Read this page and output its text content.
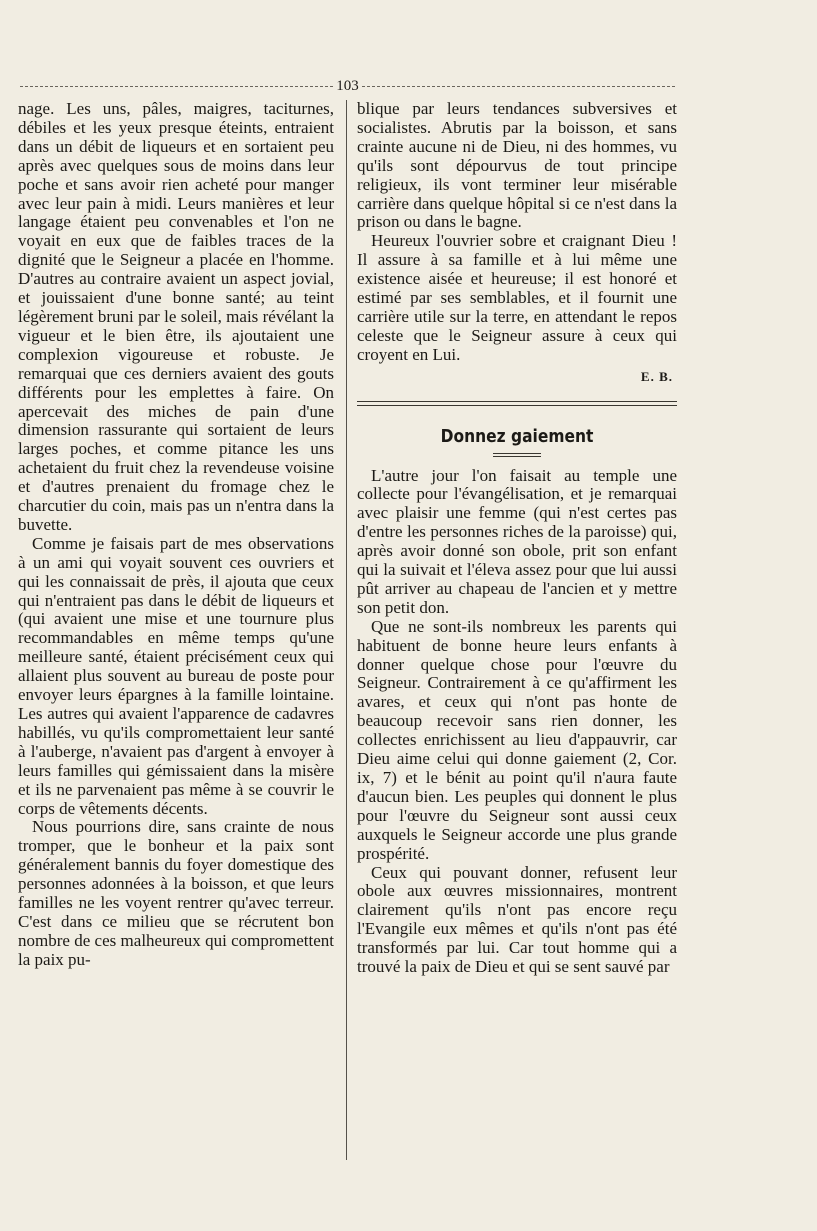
103

nage. Les uns, pâles, maigres, taciturnes, débiles et les yeux presque éteints, entraient dans un débit de liqueurs et en sortaient peu après avec quelques sous de moins dans leur poche et sans avoir rien acheté pour manger avec leur pain à midi. Leurs manières et leur langage étaient peu convenables et l'on ne voyait en eux que de faibles traces de la dignité que le Seigneur a placée en l'homme. D'autres au contraire avaient un aspect jovial, et jouissaient d'une bonne santé; au teint légèrement bruni par le soleil, mais révélant la vigueur et le bien être, ils ajoutaient une complexion vigoureuse et robuste. Je remarquai que ces derniers avaient des gouts différents pour les emplettes à faire. On apercevait des miches de pain d'une dimension rassurante qui sortaient de leurs larges poches, et comme pitance les uns achetaient du fruit chez la revendeuse voisine et d'autres prenaient du fromage chez le charcutier du coin, mais pas un n'entra dans la buvette.

Comme je faisais part de mes observations à un ami qui voyait souvent ces ouvriers et qui les connaissait de près, il ajouta que ceux qui n'entraient pas dans le débit de liqueurs et (qui avaient une mise et une tournure plus recommandables en même temps qu'une meilleure santé, étaient précisément ceux qui allaient plus souvent au bureau de poste pour envoyer leurs épargnes à la famille lointaine. Les autres qui avaient l'apparence de cadavres habillés, vu qu'ils compromettaient leur santé à l'auberge, n'avaient pas d'argent à envoyer à leurs familles qui gémissaient dans la misère et ils ne parvenaient pas même à se couvrir le corps de vêtements décents.

Nous pourrions dire, sans crainte de nous tromper, que le bonheur et la paix sont généralement bannis du foyer domestique des personnes adonnées à la boisson, et que leurs familles ne les voyent rentrer qu'avec terreur. C'est dans ce milieu que se récrutent bon nombre de ces malheureux qui compromettent la paix pu-

blique par leurs tendances subversives et socialistes. Abrutis par la boisson, et sans crainte aucune ni de Dieu, ni des hommes, vu qu'ils sont dépourvus de tout principe religieux, ils vont terminer leur misérable carrière dans quelque hôpital si ce n'est dans la prison ou dans le bagne.

Heureux l'ouvrier sobre et craignant Dieu ! Il assure à sa famille et à lui même une existence aisée et heureuse; il est honoré et estimé par ses semblables, et il fournit une carrière utile sur la terre, en attendant le repos celeste que le Seigneur assure à ceux qui croyent en Lui.

E. B.
Donnez gaiement

L'autre jour l'on faisait au temple une collecte pour l'évangélisation, et je remarquai avec plaisir une femme (qui n'est certes pas d'entre les personnes riches de la paroisse) qui, après avoir donné son obole, prit son enfant qui la suivait et l'éleva assez pour que lui aussi pût arriver au chapeau de l'ancien et y mettre son petit don.

Que ne sont-ils nombreux les parents qui habituent de bonne heure leurs enfants à donner quelque chose pour l'œuvre du Seigneur. Contrairement à ce qu'affirment les avares, et ceux qui n'ont pas honte de beaucoup recevoir sans rien donner, les collectes enrichissent au lieu d'appauvrir, car Dieu aime celui qui donne gaiement (2, Cor. ix, 7) et le bénit au point qu'il n'aura faute d'aucun bien. Les peuples qui donnent le plus pour l'œuvre du Seigneur sont aussi ceux auxquels le Seigneur accorde une plus grande prospérité.

Ceux qui pouvant donner, refusent leur obole aux œuvres missionnaires, montrent clairement qu'ils n'ont pas encore reçu l'Evangile eux mêmes et qu'ils n'ont pas été transformés par lui. Car tout homme qui a trouvé la paix de Dieu et qui se sent sauvé par
